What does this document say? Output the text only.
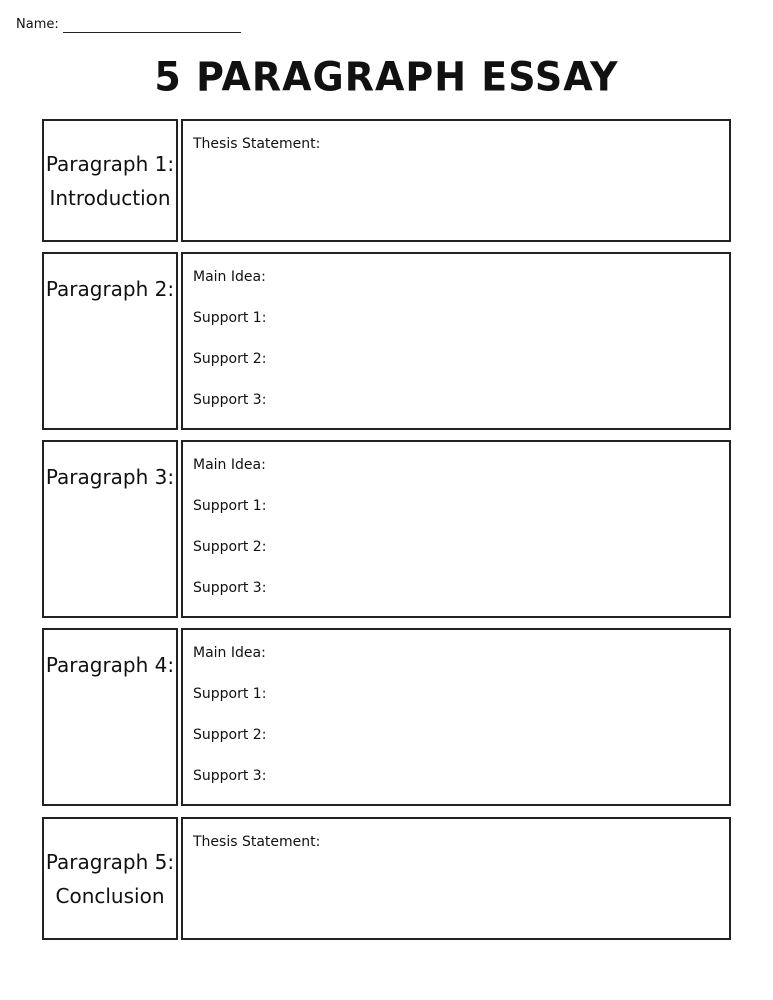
Name:
5 PARAGRAPH ESSAY
Paragraph 1:
Introduction
Thesis Statement:
Paragraph 2: Main Idea:
Support 1:
Support 2:
Support 3:
Paragraph 3: Main Idea:
Support 1:
Support 2:
Support 3:
Paragraph 4: Main Idea:
Support 1:
Support 2:
Support 3:
Paragraph 5:
Conclusion
Thesis Statement:
